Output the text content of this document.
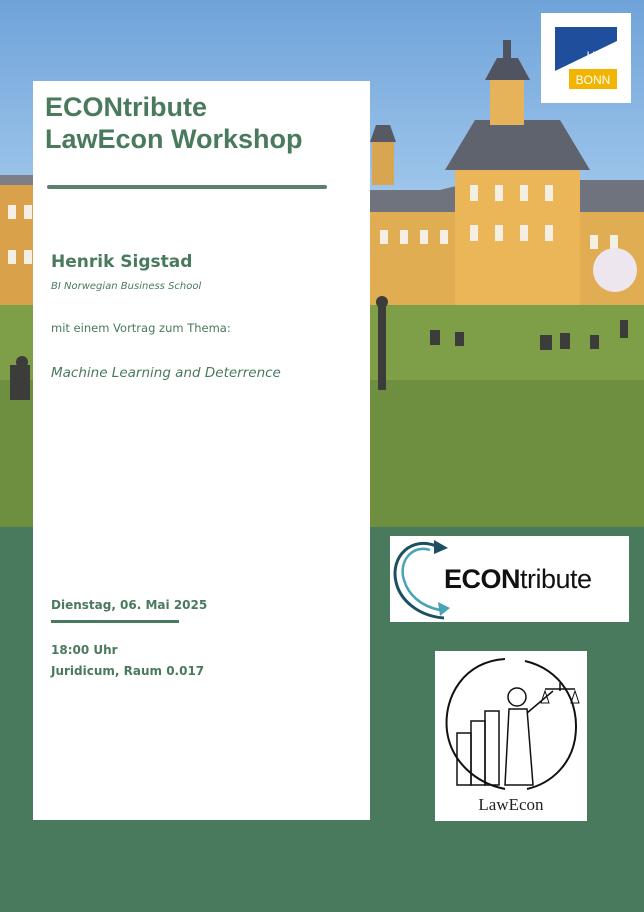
UNI
BONN
ECONtribute
LawEcon Workshop
Henrik Sigstad
BI Norwegian Business School
mit einem Vortrag zum Thema:
Machine Learning and Deterrence
Dienstag, 06. Mai 2025
18:00 Uhr
Juridicum, Raum 0.017
ECONtribute
LawEcon
